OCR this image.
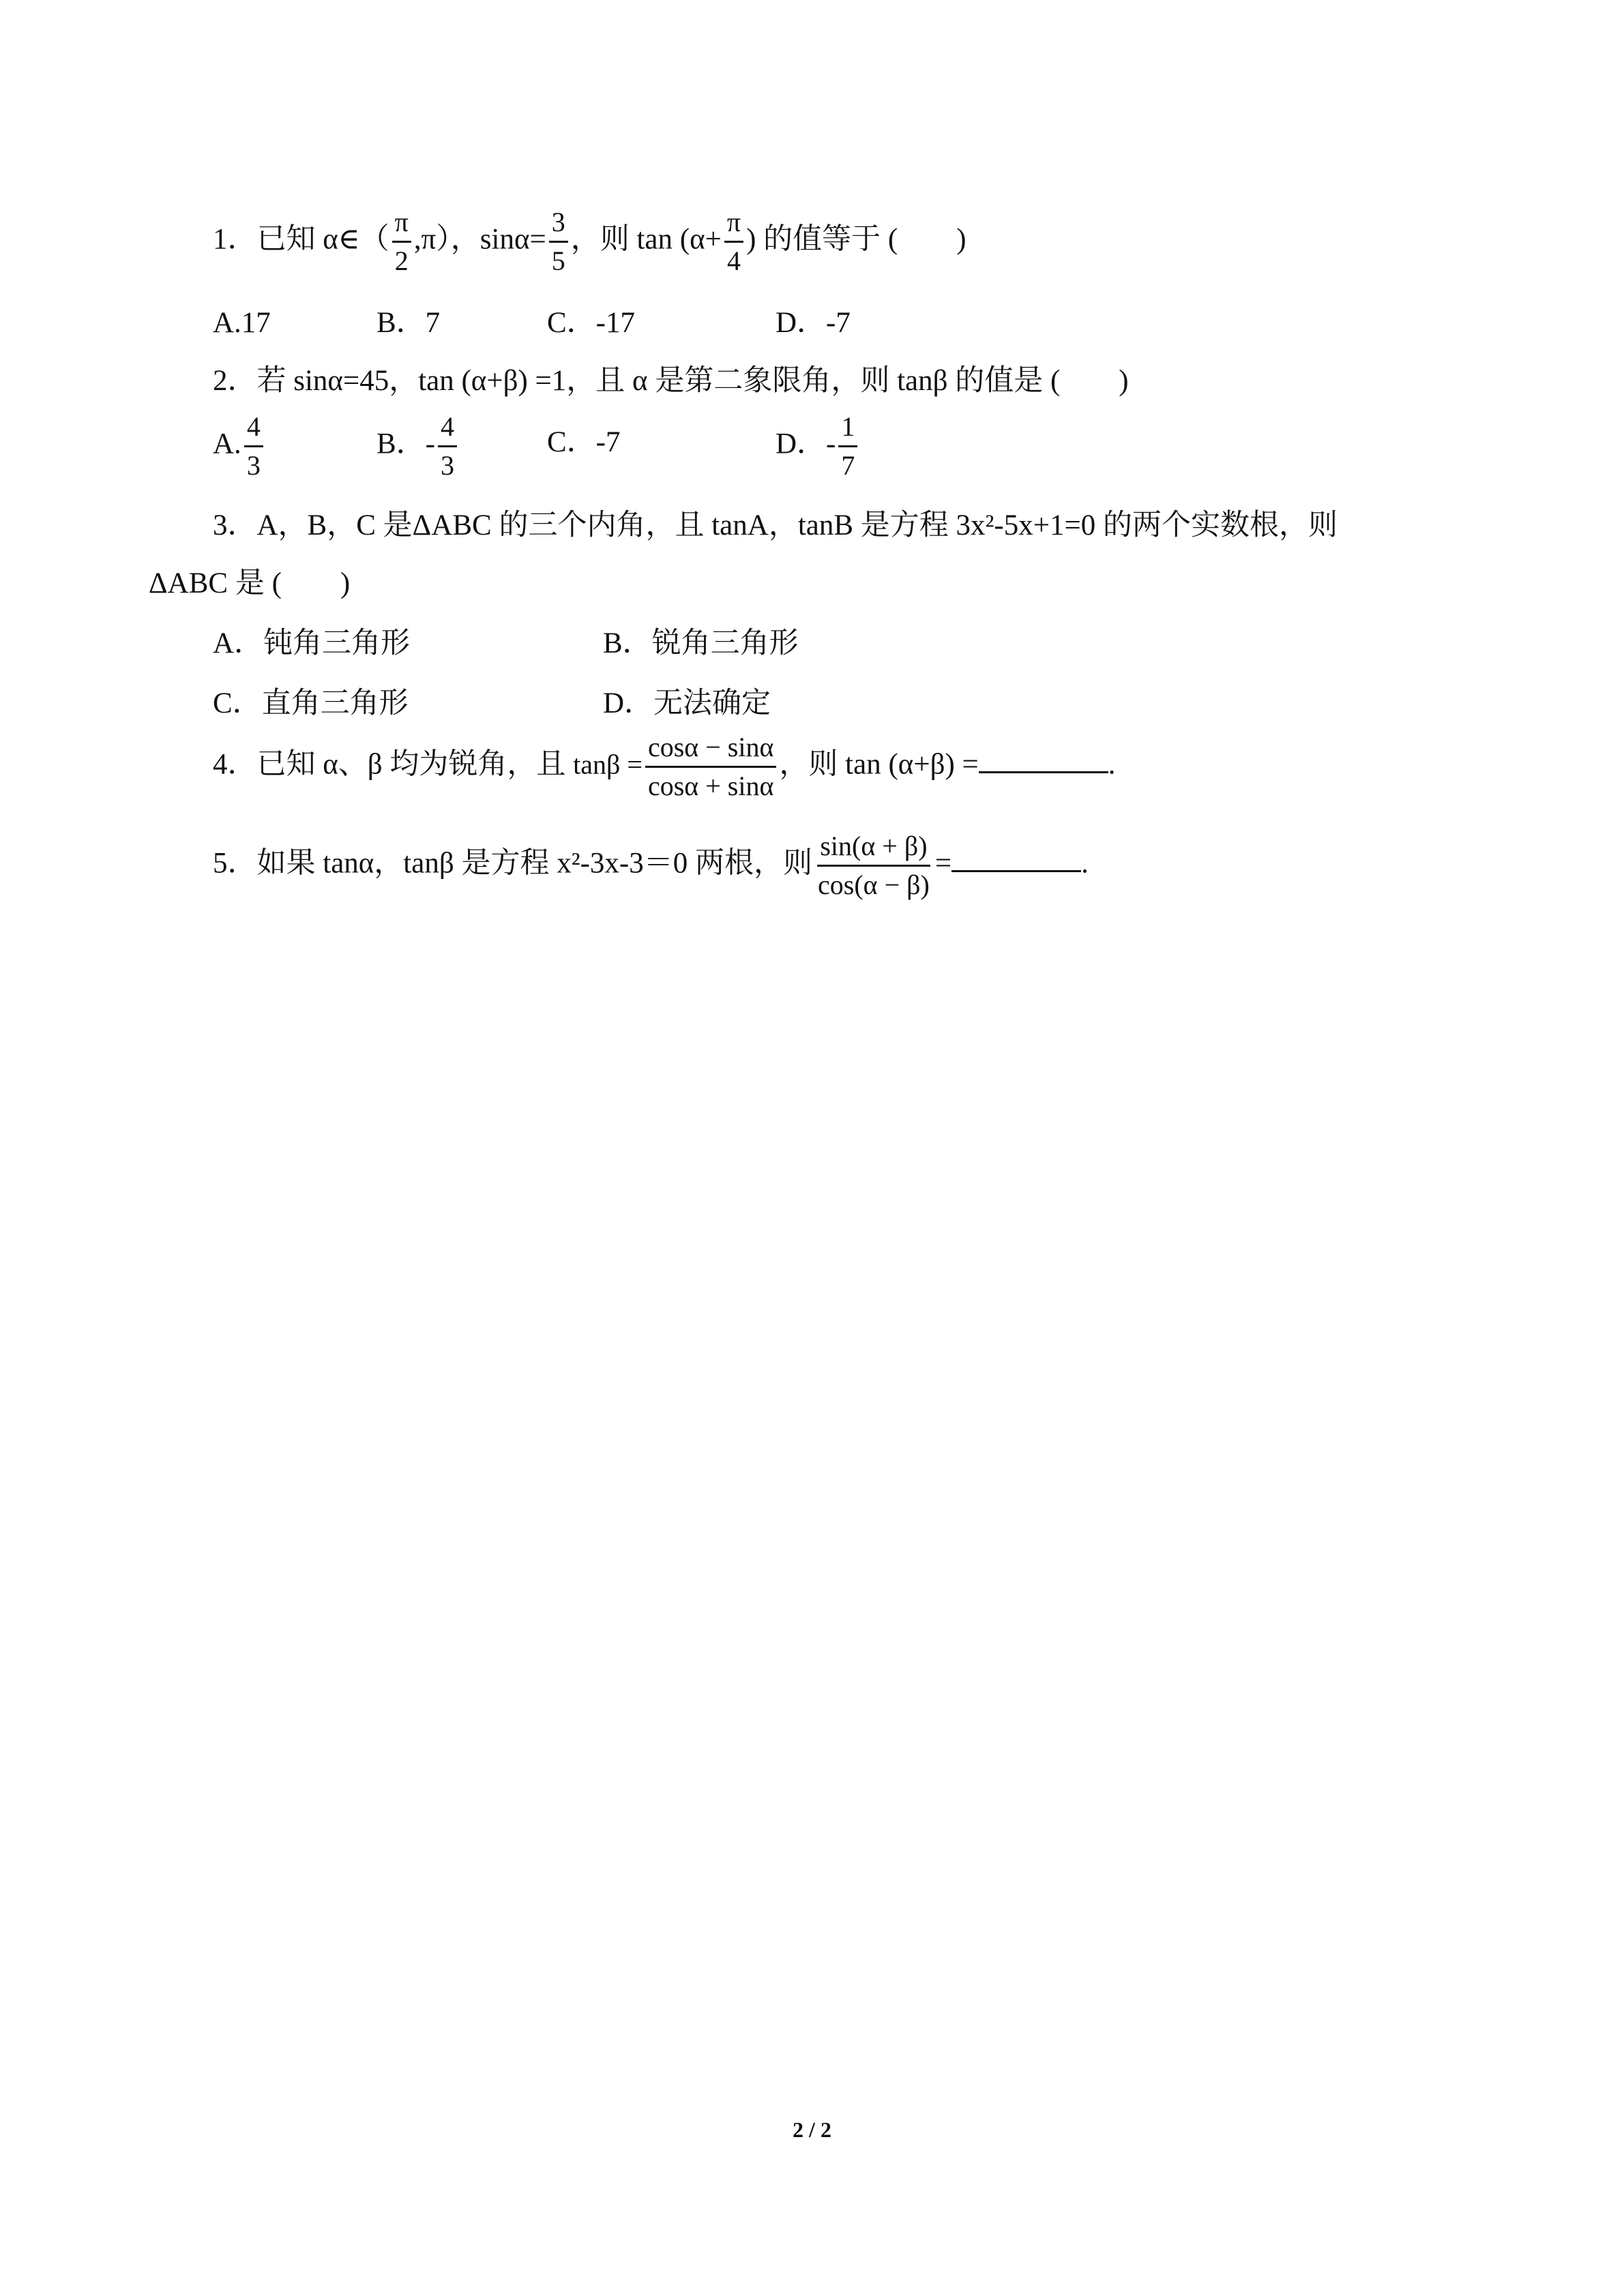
1．已知 α∈（ $\frac{\pi}{2} ,\pi$），$\sin\alpha= \frac{3}{5}$ ，则 $\tan (\alpha+ \frac{\pi}{4}$ ) 的值等于 (　　)
A.17	B．7	C．-17	D．-7
2．若 sinα=45，tan (α+β) =1，且 α 是第二象限角，则 tanβ 的值是 (　　)
A. $\frac{4}{3}$	B．- $\frac{4}{3}$	C．-7	D．- $\frac{1}{7}$
3．A，B，C 是ΔABC 的三个内角，且 tanA，tanB 是方程 3x²-5x+1=0 的两个实数根，则
ΔABC 是 (　　)
A．钝角三角形	B．锐角三角形
C．直角三角形	D．无法确定
4．已知 α、β 均为锐角，且 $\tan\beta = \frac{\cos\alpha - \sin\alpha}{\cos\alpha + \sin\alpha}$ ，则 tan (α+β) =	.
5．如果 tanα，tanβ 是方程 x²-3x-3＝0 两根，则 $\frac{\sin(\alpha + \beta)}{\cos(\alpha - \beta)}$ =	.
2 / 2
